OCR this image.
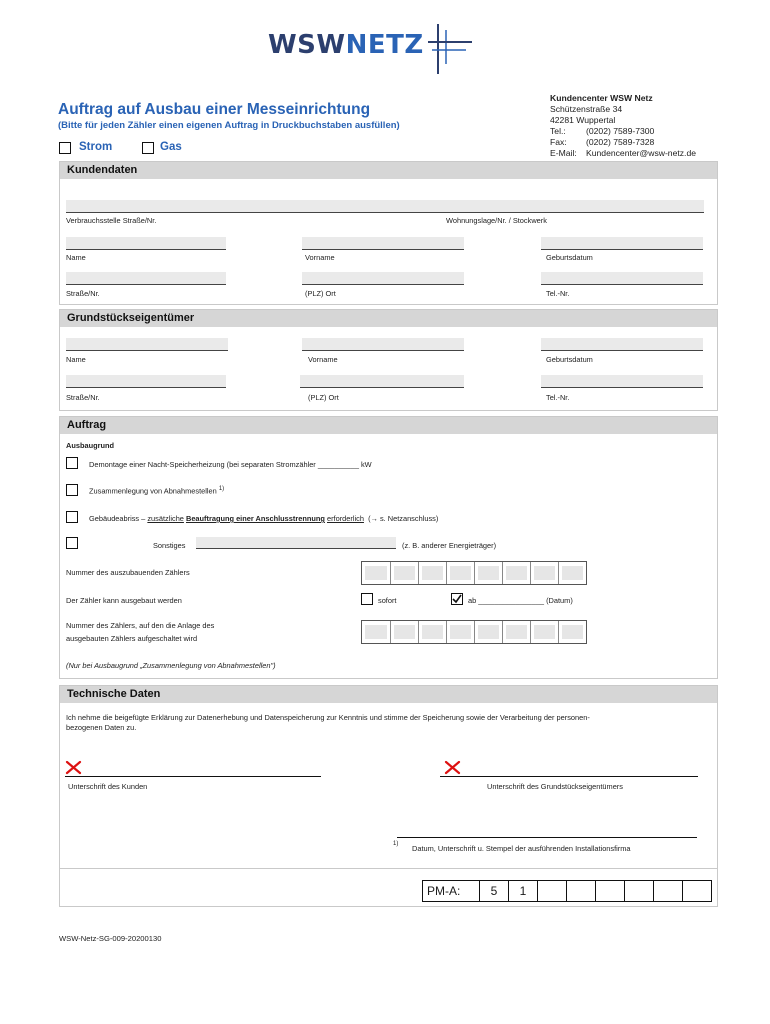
WSWNETZ
Auftrag auf Ausbau einer Messeinrichtung
(Bitte für jeden Zähler einen eigenen Auftrag in Druckbuchstaben ausfüllen)
Strom	Gas
Kundencenter WSW Netz
Schützenstraße 34
42281 Wuppertal
Tel.: (0202) 7589-7300
Fax: (0202) 7589-7328
E-Mail: Kundencenter@wsw-netz.de
Kundendaten
Verbrauchsstelle Straße/Nr.	Wohnungslage/Nr. / Stockwerk
Name	Vorname	Geburtsdatum
Straße/Nr.	(PLZ) Ort	Tel.-Nr.
Grundstückseigentümer
Name	Vorname	Geburtsdatum
Straße/Nr.	(PLZ) Ort	Tel.-Nr.
Auftrag
Ausbaugrund
Demontage einer Nacht-Speicherheizung (bei separaten Stromzähler __________ kW
Zusammenlegung von Abnahmestellen $^{1)}$
Gebäudeabriss – zusätzliche Beauftragung einer Anschlusstrennung erforderlich (→ s. Netzanschluss)
Sonstiges	(z. B. anderer Energieträger)
Nummer des auszubauenden Zählers
Der Zähler kann ausgebaut werden	sofort	ab ________________ (Datum)
Nummer des Zählers, auf den die Anlage des
ausgebauten Zählers aufgeschaltet wird
(Nur bei Ausbaugrund „Zusammenlegung von Abnahmestellen")
Technische Daten
Ich nehme die beigefügte Erklärung zur Datenerhebung und Datenspeicherung zur Kenntnis und stimme der Speicherung sowie der Verarbeitung der personen-
bezogenen Daten zu.
Unterschrift des Kunden	Unterschrift des Grundstückseigentümers
1) Datum, Unterschrift u. Stempel der ausführenden Installationsfirma
PM-A:	5	1
WSW-Netz-SG-009-20200130
